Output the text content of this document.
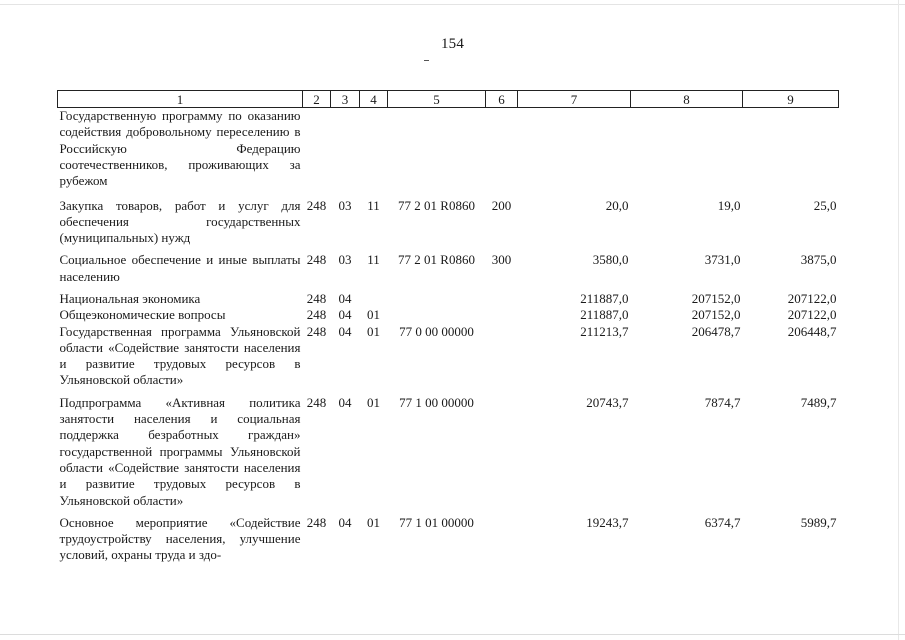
154
1	2	3	4	5	6	7	8	9
Государственную программу по оказанию содействия добровольному переселению в Российскую Федерацию соотечественников, проживающих за рубежом								
Закупка товаров, работ и услуг для обеспечения государственных (муниципальных) нужд	248	03	11	77 2 01 R0860	200	20,0	19,0	25,0
Социальное обеспечение и иные выплаты населению	248	03	11	77 2 01 R0860	300	3580,0	3731,0	3875,0
Национальная экономика	248	04				211887,0	207152,0	207122,0
Общеэкономические вопросы	248	04	01			211887,0	207152,0	207122,0
Государственная программа Ульяновской области «Содействие занятости населения и развитие трудовых ресурсов в Ульяновской области»	248	04	01	77 0 00 00000		211213,7	206478,7	206448,7
Подпрограмма «Активная политика занятости населения и социальная поддержка безработных граждан» государственной программы Ульяновской области «Содействие занятости населения и развитие трудовых ресурсов в Ульяновской области»	248	04	01	77 1 00 00000		20743,7	7874,7	7489,7
Основное мероприятие «Содействие трудоустройству населения, улучшение условий, охраны труда и здо-	248	04	01	77 1 01 00000		19243,7	6374,7	5989,7
